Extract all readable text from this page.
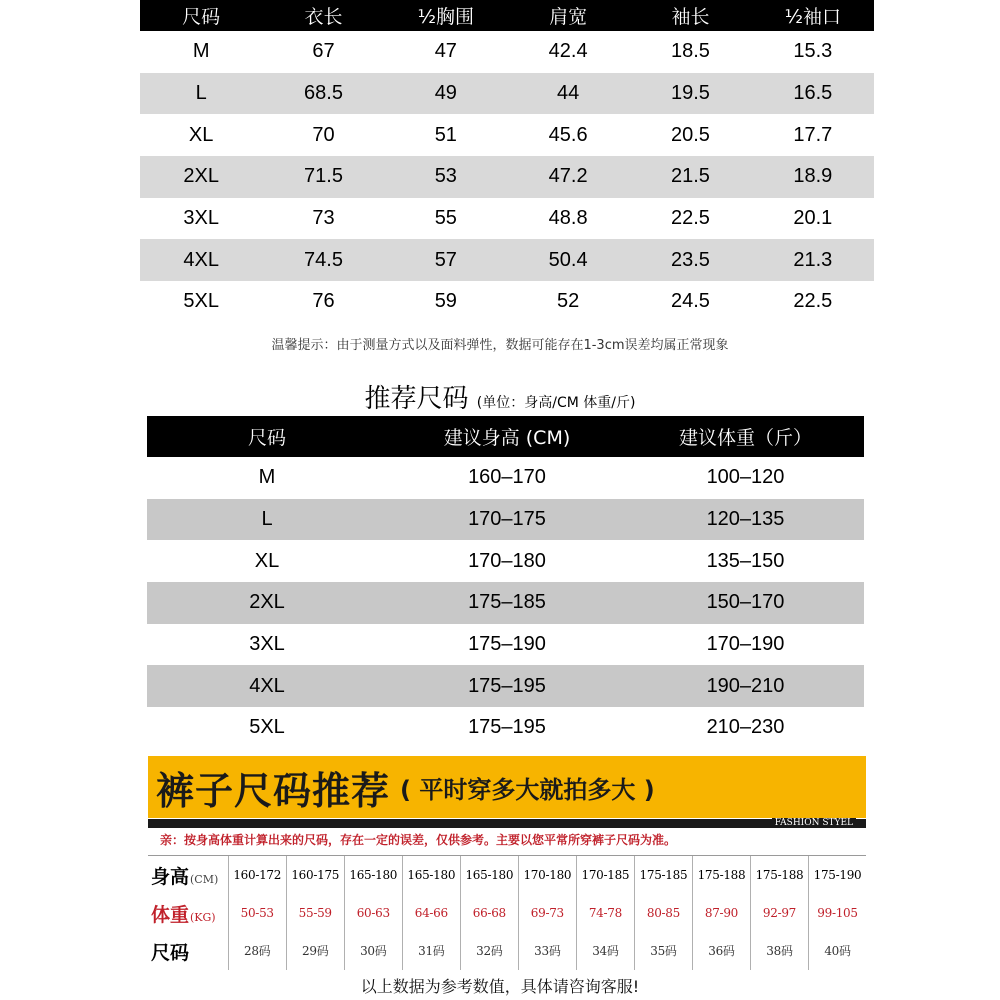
尺码	衣长	½胸围	肩宽	袖长	½袖口
M	67	47	42.4	18.5	15.3
L	68.5	49	44	19.5	16.5
XL	70	51	45.6	20.5	17.7
2XL	71.5	53	47.2	21.5	18.9
3XL	73	55	48.8	22.5	20.1
4XL	74.5	57	50.4	23.5	21.3
5XL	76	59	52	24.5	22.5
温馨提示：由于测量方式以及面料弹性，数据可能存在1-3cm误差均属正常现象
推荐尺码 (单位：身高/CM 体重/斤)
尺码	建议身高 (CM)	建议体重（斤）
M	160–170	100–120
L	170–175	120–135
XL	170–180	135–150
2XL	175–185	150–170
3XL	175–190	170–190
4XL	175–195	190–210
5XL	175–195	210–230
裤子尺码推荐 ( 平时穿多大就拍多大 )
FASHION STYEL
亲：按身高体重计算出来的尺码，存在一定的误差，仅供参考。主要以您平常所穿裤子尺码为准。
身高 (CM)	160-172 160-175 165-180 165-180 165-180 170-180 170-185 175-185 175-188 175-188 175-190
体重 (KG)	50-53	55-59	60-63	64-66	66-68	69-73	74-78	80-85	87-90	92-97	99-105
尺码	28码	29码	30码	31码	32码	33码	34码	35码	36码	38码	40码
以上数据为参考数值，具体请咨询客服!
